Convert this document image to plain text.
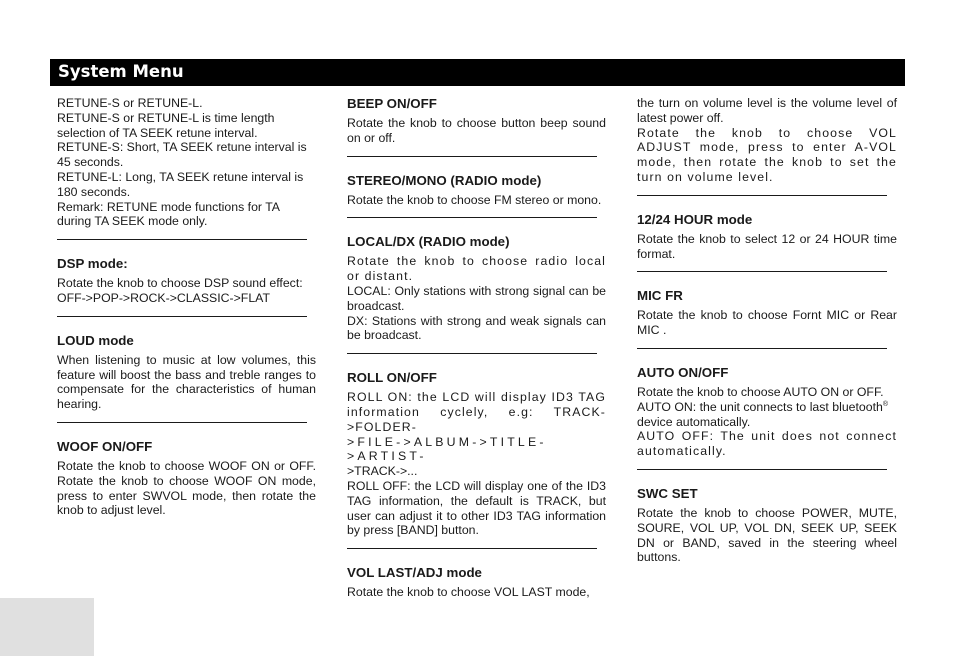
System Menu
RETUNE-S or RETUNE-L.
RETUNE-S or RETUNE-L is time length selection of TA SEEK retune interval.
RETUNE-S: Short, TA SEEK retune interval is 45 seconds.
RETUNE-L: Long, TA SEEK retune interval is 180 seconds.
Remark: RETUNE mode functions for TA during TA SEEK mode only.
DSP mode:
Rotate the knob to choose DSP sound effect:
OFF->POP->ROCK->CLASSIC->FLAT
LOUD mode
When listening to music at low volumes, this feature will boost the bass and treble ranges to compensate for the characteristics of human hearing.
WOOF ON/OFF
Rotate the knob to choose WOOF ON or OFF. Rotate the knob to choose WOOF ON mode, press to enter SWVOL mode, then rotate the knob to adjust level.
BEEP ON/OFF
Rotate the knob to choose button beep sound on or off.
STEREO/MONO (RADIO mode)
Rotate the knob to choose FM stereo or mono.
LOCAL/DX (RADIO mode)
Rotate the knob to choose radio local or distant.
LOCAL: Only stations with strong signal can be broadcast.
DX: Stations with strong and weak signals can be broadcast.
ROLL ON/OFF
ROLL ON: the LCD will display ID3 TAG information cyclely, e.g: TRACK- >FOLDER-
>FILE->ALBUM->TITLE->ARTIST-
>TRACK->...
ROLL OFF: the LCD will display one of the ID3 TAG information, the default is TRACK, but user can adjust it to other ID3 TAG information by press [BAND] button.
VOL LAST/ADJ mode
Rotate the knob to choose VOL LAST mode,
the turn on volume level is the volume level of latest power off.
Rotate the knob to choose VOL ADJUST mode, press to enter A-VOL mode, then rotate the knob to set the turn on volume level.
12/24 HOUR mode
Rotate the knob to select 12 or 24 HOUR time format.
MIC FR
Rotate the knob to choose Fornt MIC or Rear MIC .
AUTO ON/OFF
Rotate the knob to choose AUTO ON or OFF.
AUTO ON: the unit connects to last bluetooth®
device automatically.
AUTO OFF: The unit does not connect automatically.
SWC SET
Rotate the knob to choose POWER, MUTE, SOURE, VOL UP, VOL DN, SEEK UP, SEEK DN or BAND, saved in the steering wheel buttons.
